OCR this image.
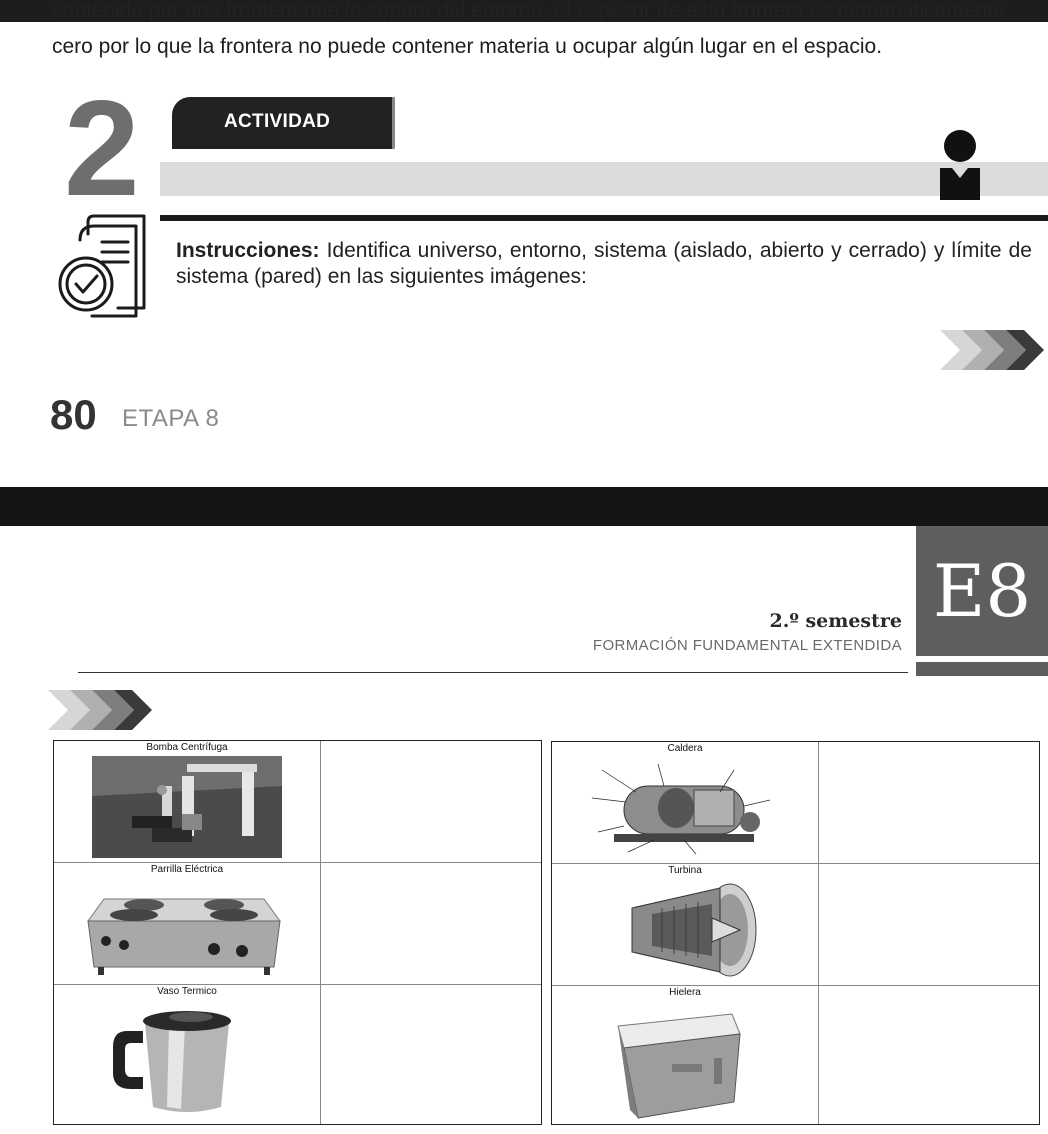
contenido por una frontera que lo separa del entorno, el espesor de esta frontera es matemáticamente
cero por lo que la frontera no puede contener materia u ocupar algún lugar en el espacio.
2	ACTIVIDAD
Instrucciones: Identifica universo, entorno, sistema (aislado, abierto y cerrado) y límite de sistema (pared) en las siguientes imágenes:
80 ETAPA 8
E8
2.º semestre
FORMACIÓN FUNDAMENTAL EXTENDIDA
Bomba Centrífuga
Parrilla Eléctrica
Vaso Termico
Caldera
Turbina
Hielera
